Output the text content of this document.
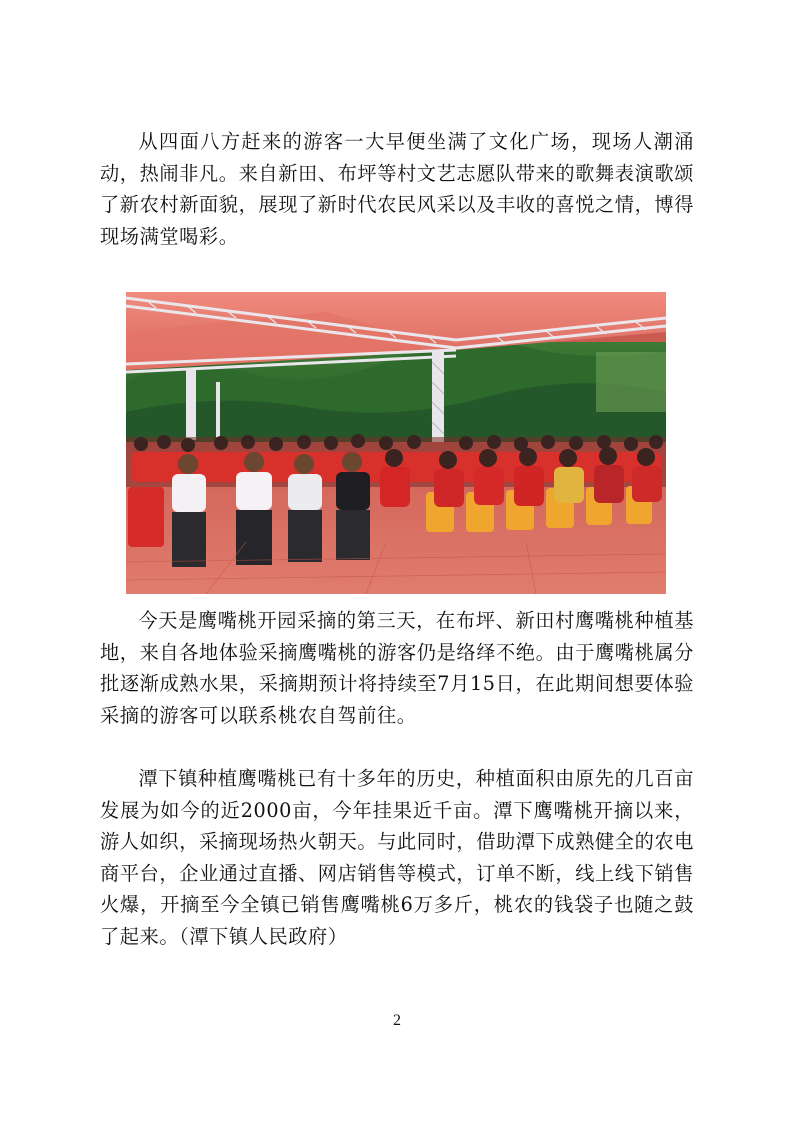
从四面八方赶来的游客一大早便坐满了文化广场，现场人潮涌动，热闹非凡。来自新田、布坪等村文艺志愿队带来的歌舞表演歌颂了新农村新面貌，展现了新时代农民风采以及丰收的喜悦之情，博得现场满堂喝彩。

今天是鹰嘴桃开园采摘的第三天，在布坪、新田村鹰嘴桃种植基地，来自各地体验采摘鹰嘴桃的游客仍是络绎不绝。由于鹰嘴桃属分批逐渐成熟水果，采摘期预计将持续至7月15日，在此期间想要体验采摘的游客可以联系桃农自驾前往。

潭下镇种植鹰嘴桃已有十多年的历史，种植面积由原先的几百亩发展为如今的近2000亩，今年挂果近千亩。潭下鹰嘴桃开摘以来，游人如织，采摘现场热火朝天。与此同时，借助潭下成熟健全的农电商平台，企业通过直播、网店销售等模式，订单不断，线上线下销售火爆，开摘至今全镇已销售鹰嘴桃6万多斤，桃农的钱袋子也随之鼓了起来。（潭下镇人民政府）

2
